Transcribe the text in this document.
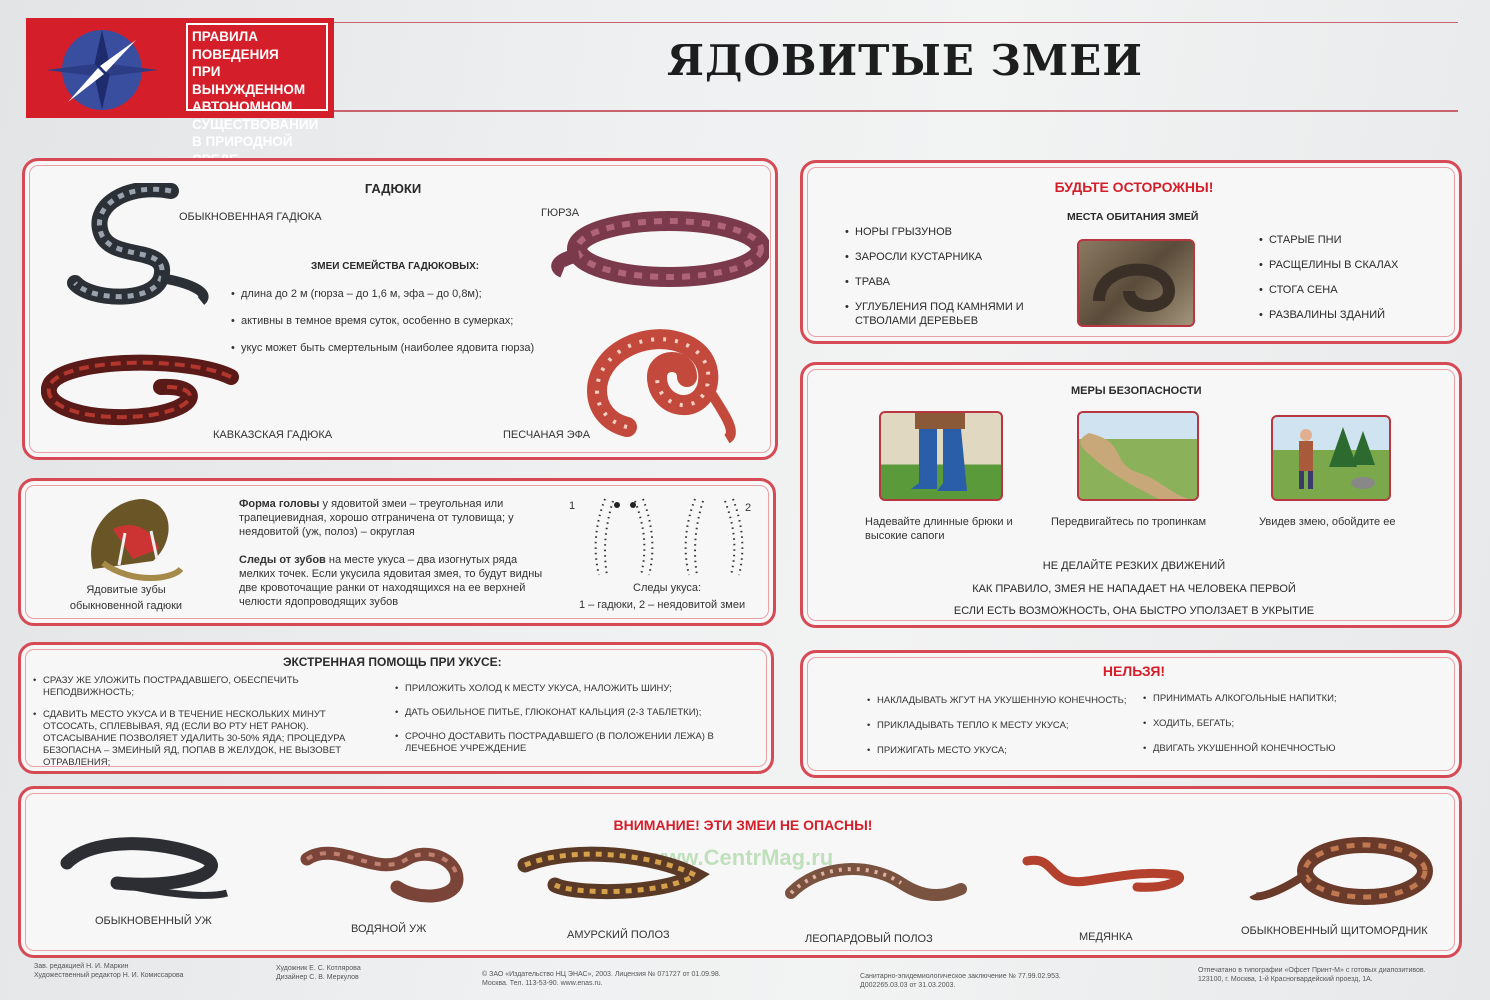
ПРАВИЛА ПОВЕДЕНИЯ
ПРИ ВЫНУЖДЕННОМ
АВТОНОМНОМ
СУЩЕСТВОВАНИИ
В ПРИРОДНОЙ
ЯДОВИТЫЕ ЗМЕИ
ГАДЮКИ
ОБЫКНОВЕННАЯ ГАДЮКА	ГЮРЗА
КАВКАЗСКАЯ ГАДЮКА	ПЕСЧАНАЯ ЭФА
ЗМЕИ СЕМЕЙСТВА ГАДЮКОВЫХ:
• длина до 2 м (гюрза – до 1,6 м, эфа – до 0,8м);
• активны в темное время суток, особенно в сумерках;
• укус может быть смертельным (наиболее ядовита гюрза)
Ядовитые зубы
обыкновенной гадюки
Форма головы у ядовитой змеи – треугольная или трапециевидная, хорошо отграничена от туловища; у неядовитой (уж, полоз) – округлая
Следы от зубов на месте укуса – два изогнутых ряда мелких точек. Если укусила ядовитая змея, то будут видны две кровоточащие ранки от находящихся на ее верхней челюсти ядопроводящих зубов
1	2
Следы укуса:
1 – гадюки, 2 – неядовитой змеи
ЭКСТРЕННАЯ ПОМОЩЬ ПРИ УКУСЕ:
• СРАЗУ ЖЕ УЛОЖИТЬ ПОСТРАДАВШЕГО, ОБЕСПЕЧИТЬ НЕПОДВИЖНОСТЬ;
• СДАВИТЬ МЕСТО УКУСА И В ТЕЧЕНИЕ НЕСКОЛЬКИХ МИНУТ ОТСОСАТЬ, СПЛЕВЫВАЯ, ЯД (ЕСЛИ ВО РТУ НЕТ РАНОК). ОТСАСЫВАНИЕ ПОЗВОЛЯЕТ УДАЛИТЬ 30-50% ЯДА; ПРОЦЕДУРА БЕЗОПАСНА – ЗМЕИНЫЙ ЯД, ПОПАВ В ЖЕЛУДОК, НЕ ВЫЗОВЕТ ОТРАВЛЕНИЯ;
• ПРИЛОЖИТЬ ХОЛОД К МЕСТУ УКУСА, НАЛОЖИТЬ ШИНУ;
• ДАТЬ ОБИЛЬНОЕ ПИТЬЕ, ГЛЮКОНАТ КАЛЬЦИЯ (2-3 ТАБЛЕТКИ);
• СРОЧНО ДОСТАВИТЬ ПОСТРАДАВШЕГО (В ПОЛОЖЕНИИ ЛЕЖА) В ЛЕЧЕБНОЕ УЧРЕЖДЕНИЕ
БУДЬТЕ ОСТОРОЖНЫ!
МЕСТА ОБИТАНИЯ ЗМЕЙ
• НОРЫ ГРЫЗУНОВ
• ЗАРОСЛИ КУСТАРНИКА
• ТРАВА
• УГЛУБЛЕНИЯ ПОД КАМНЯМИ И СТВОЛАМИ ДЕРЕВЬЕВ
• СТАРЫЕ ПНИ
• РАСЩЕЛИНЫ В СКАЛАХ
• СТОГА СЕНА
• РАЗВАЛИНЫ ЗДАНИЙ
МЕРЫ БЕЗОПАСНОСТИ
Надевайте длинные брюки и высокие сапоги
Передвигайтесь по тропинкам	Увидев змею, обойдите ее
НЕ ДЕЛАЙТЕ РЕЗКИХ ДВИЖЕНИЙ
КАК ПРАВИЛО, ЗМЕЯ НЕ НАПАДАЕТ НА ЧЕЛОВЕКА ПЕРВОЙ
ЕСЛИ ЕСТЬ ВОЗМОЖНОСТЬ, ОНА БЫСТРО УПОЛЗАЕТ В УКРЫТИЕ
НЕЛЬЗЯ!
• НАКЛАДЫВАТЬ ЖГУТ НА УКУШЕННУЮ КОНЕЧНОСТЬ;
• ПРИКЛАДЫВАТЬ ТЕПЛО К МЕСТУ УКУСА;
• ПРИЖИГАТЬ МЕСТО УКУСА;
• ПРИНИМАТЬ АЛКОГОЛЬНЫЕ НАПИТКИ;
• ХОДИТЬ, БЕГАТЬ;
• ДВИГАТЬ УКУШЕННОЙ КОНЕЧНОСТЬЮ
ВНИМАНИЕ! ЭТИ ЗМЕИ НЕ ОПАСНЫ!
www.CentrMag.ru
ОБЫКНОВЕННЫЙ УЖ
ВОДЯНОЙ УЖ	АМУРСКИЙ ПОЛОЗ	ЛЕОПАРДОВЫЙ ПОЛОЗ	МЕДЯНКА	ОБЫКНОВЕННЫЙ ЩИТОМОРДНИК
Зав. редакцией Н. И. Маркин
Художественный редактор Н. И. Комиссарова
Художник Е. С. Котлярова
Дизайнер С. В. Меркулов	© ЗАО «Издательство НЦ ЭНАС», 2003. Лицензия № 071727 от 01.09.98.
Москва. Тел. 113-53-90. www.enas.ru.
Санитарно-эпидемиологическое заключение № 77.99.02.953.
Д002265.03.03 от 31.03.2003.
Отпечатано в типографии «Офсет Принт-М» с готовых диапозитивов.
123100, г. Москва, 1-й Красногвардейский проезд, 1А.
